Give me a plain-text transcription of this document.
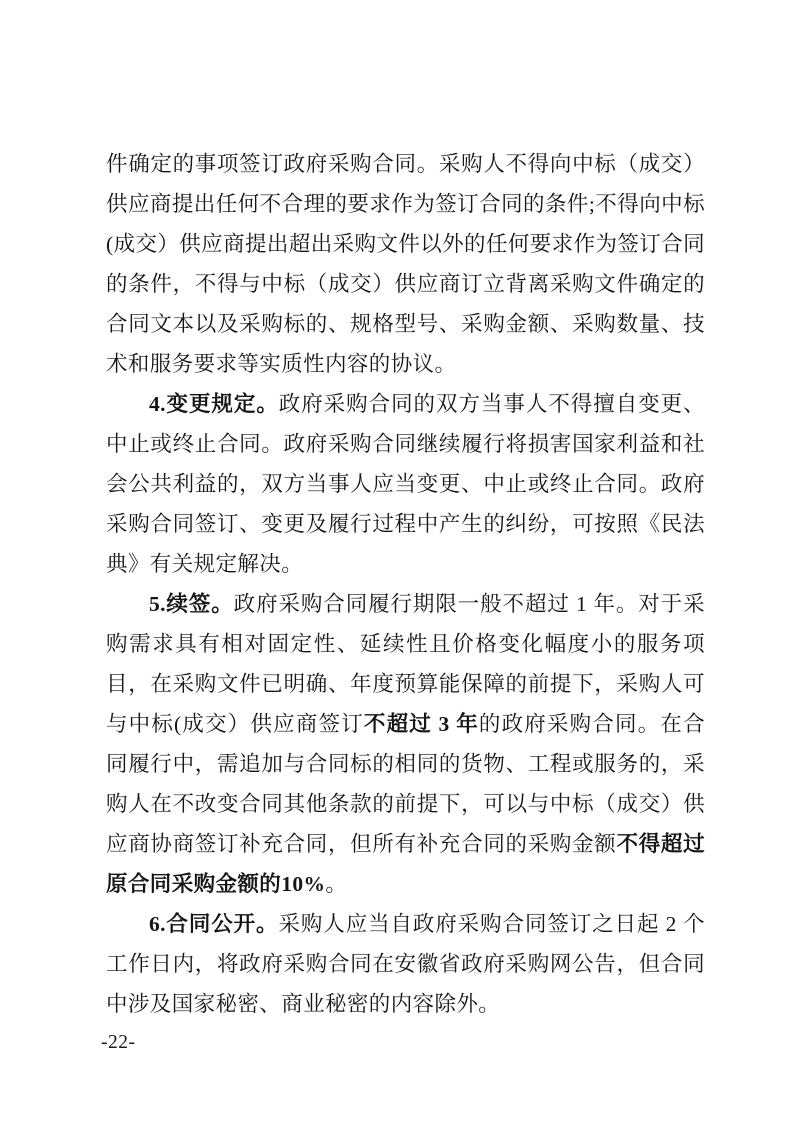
件确定的事项签订政府采购合同。采购人不得向中标（成交）供应商提出任何不合理的要求作为签订合同的条件;不得向中标(成交）供应商提出超出采购文件以外的任何要求作为签订合同的条件，不得与中标（成交）供应商订立背离采购文件确定的合同文本以及采购标的、规格型号、采购金额、采购数量、技术和服务要求等实质性内容的协议。

4.变更规定。政府采购合同的双方当事人不得擅自变更、中止或终止合同。政府采购合同继续履行将损害国家利益和社会公共利益的，双方当事人应当变更、中止或终止合同。政府采购合同签订、变更及履行过程中产生的纠纷，可按照《民法典》有关规定解决。

5.续签。政府采购合同履行期限一般不超过 1 年。对于采购需求具有相对固定性、延续性且价格变化幅度小的服务项目，在采购文件已明确、年度预算能保障的前提下，采购人可与中标(成交）供应商签订不超过 3 年的政府采购合同。在合同履行中，需追加与合同标的相同的货物、工程或服务的，采购人在不改变合同其他条款的前提下，可以与中标（成交）供应商协商签订补充合同，但所有补充合同的采购金额不得超过原合同采购金额的10%。

6.合同公开。采购人应当自政府采购合同签订之日起 2 个工作日内，将政府采购合同在安徽省政府采购网公告，但合同中涉及国家秘密、商业秘密的内容除外。

-22-
